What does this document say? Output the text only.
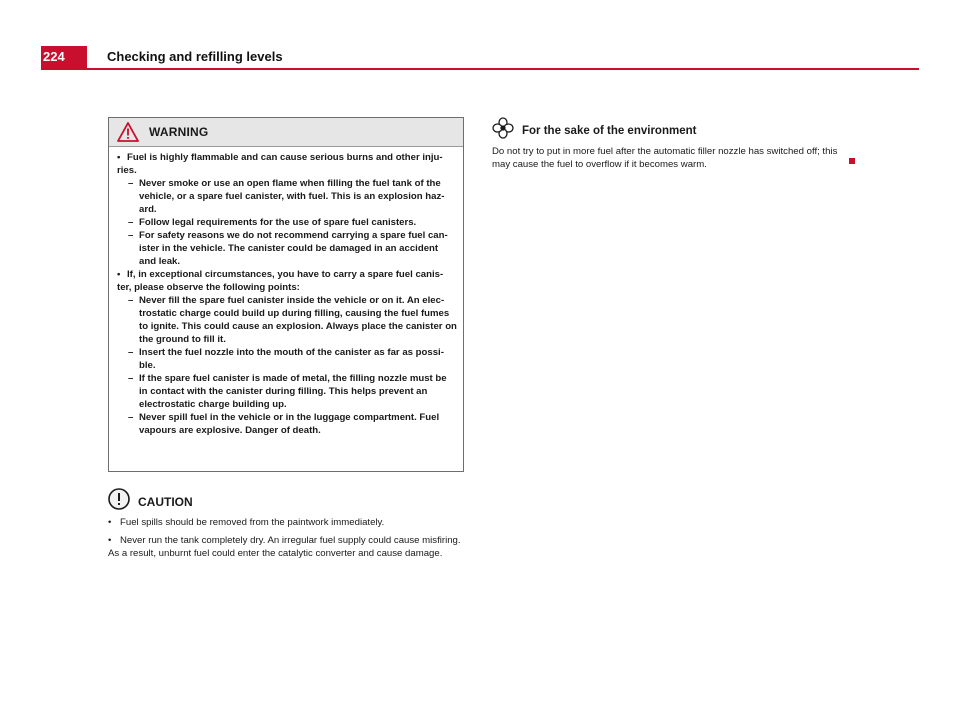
224	Checking and refilling levels
WARNING

• Fuel is highly flammable and can cause serious burns and other inju-ries.

– Never smoke or use an open flame when filling the fuel tank of the vehicle, or a spare fuel canister, with fuel. This is an explosion haz-ard.

– Follow legal requirements for the use of spare fuel canisters.

– For safety reasons we do not recommend carrying a spare fuel can-ister in the vehicle. The canister could be damaged in an accident and leak.

• If, in exceptional circumstances, you have to carry a spare fuel canis-ter, please observe the following points:

– Never fill the spare fuel canister inside the vehicle or on it. An elec-trostatic charge could build up during filling, causing the fuel fumes to ignite. This could cause an explosion. Always place the canister on the ground to fill it.

– Insert the fuel nozzle into the mouth of the canister as far as possi-ble.

– If the spare fuel canister is made of metal, the filling nozzle must be in contact with the canister during filling. This helps prevent an electrostatic charge building up.

– Never spill fuel in the vehicle or in the luggage compartment. Fuel vapours are explosive. Danger of death.

CAUTION

• Fuel spills should be removed from the paintwork immediately.

• Never run the tank completely dry. An irregular fuel supply could cause misfiring. As a result, unburnt fuel could enter the catalytic converter and cause damage.

For the sake of the environment
Do not try to put in more fuel after the automatic filler nozzle has switched off; this may cause the fuel to overflow if it becomes warm.
